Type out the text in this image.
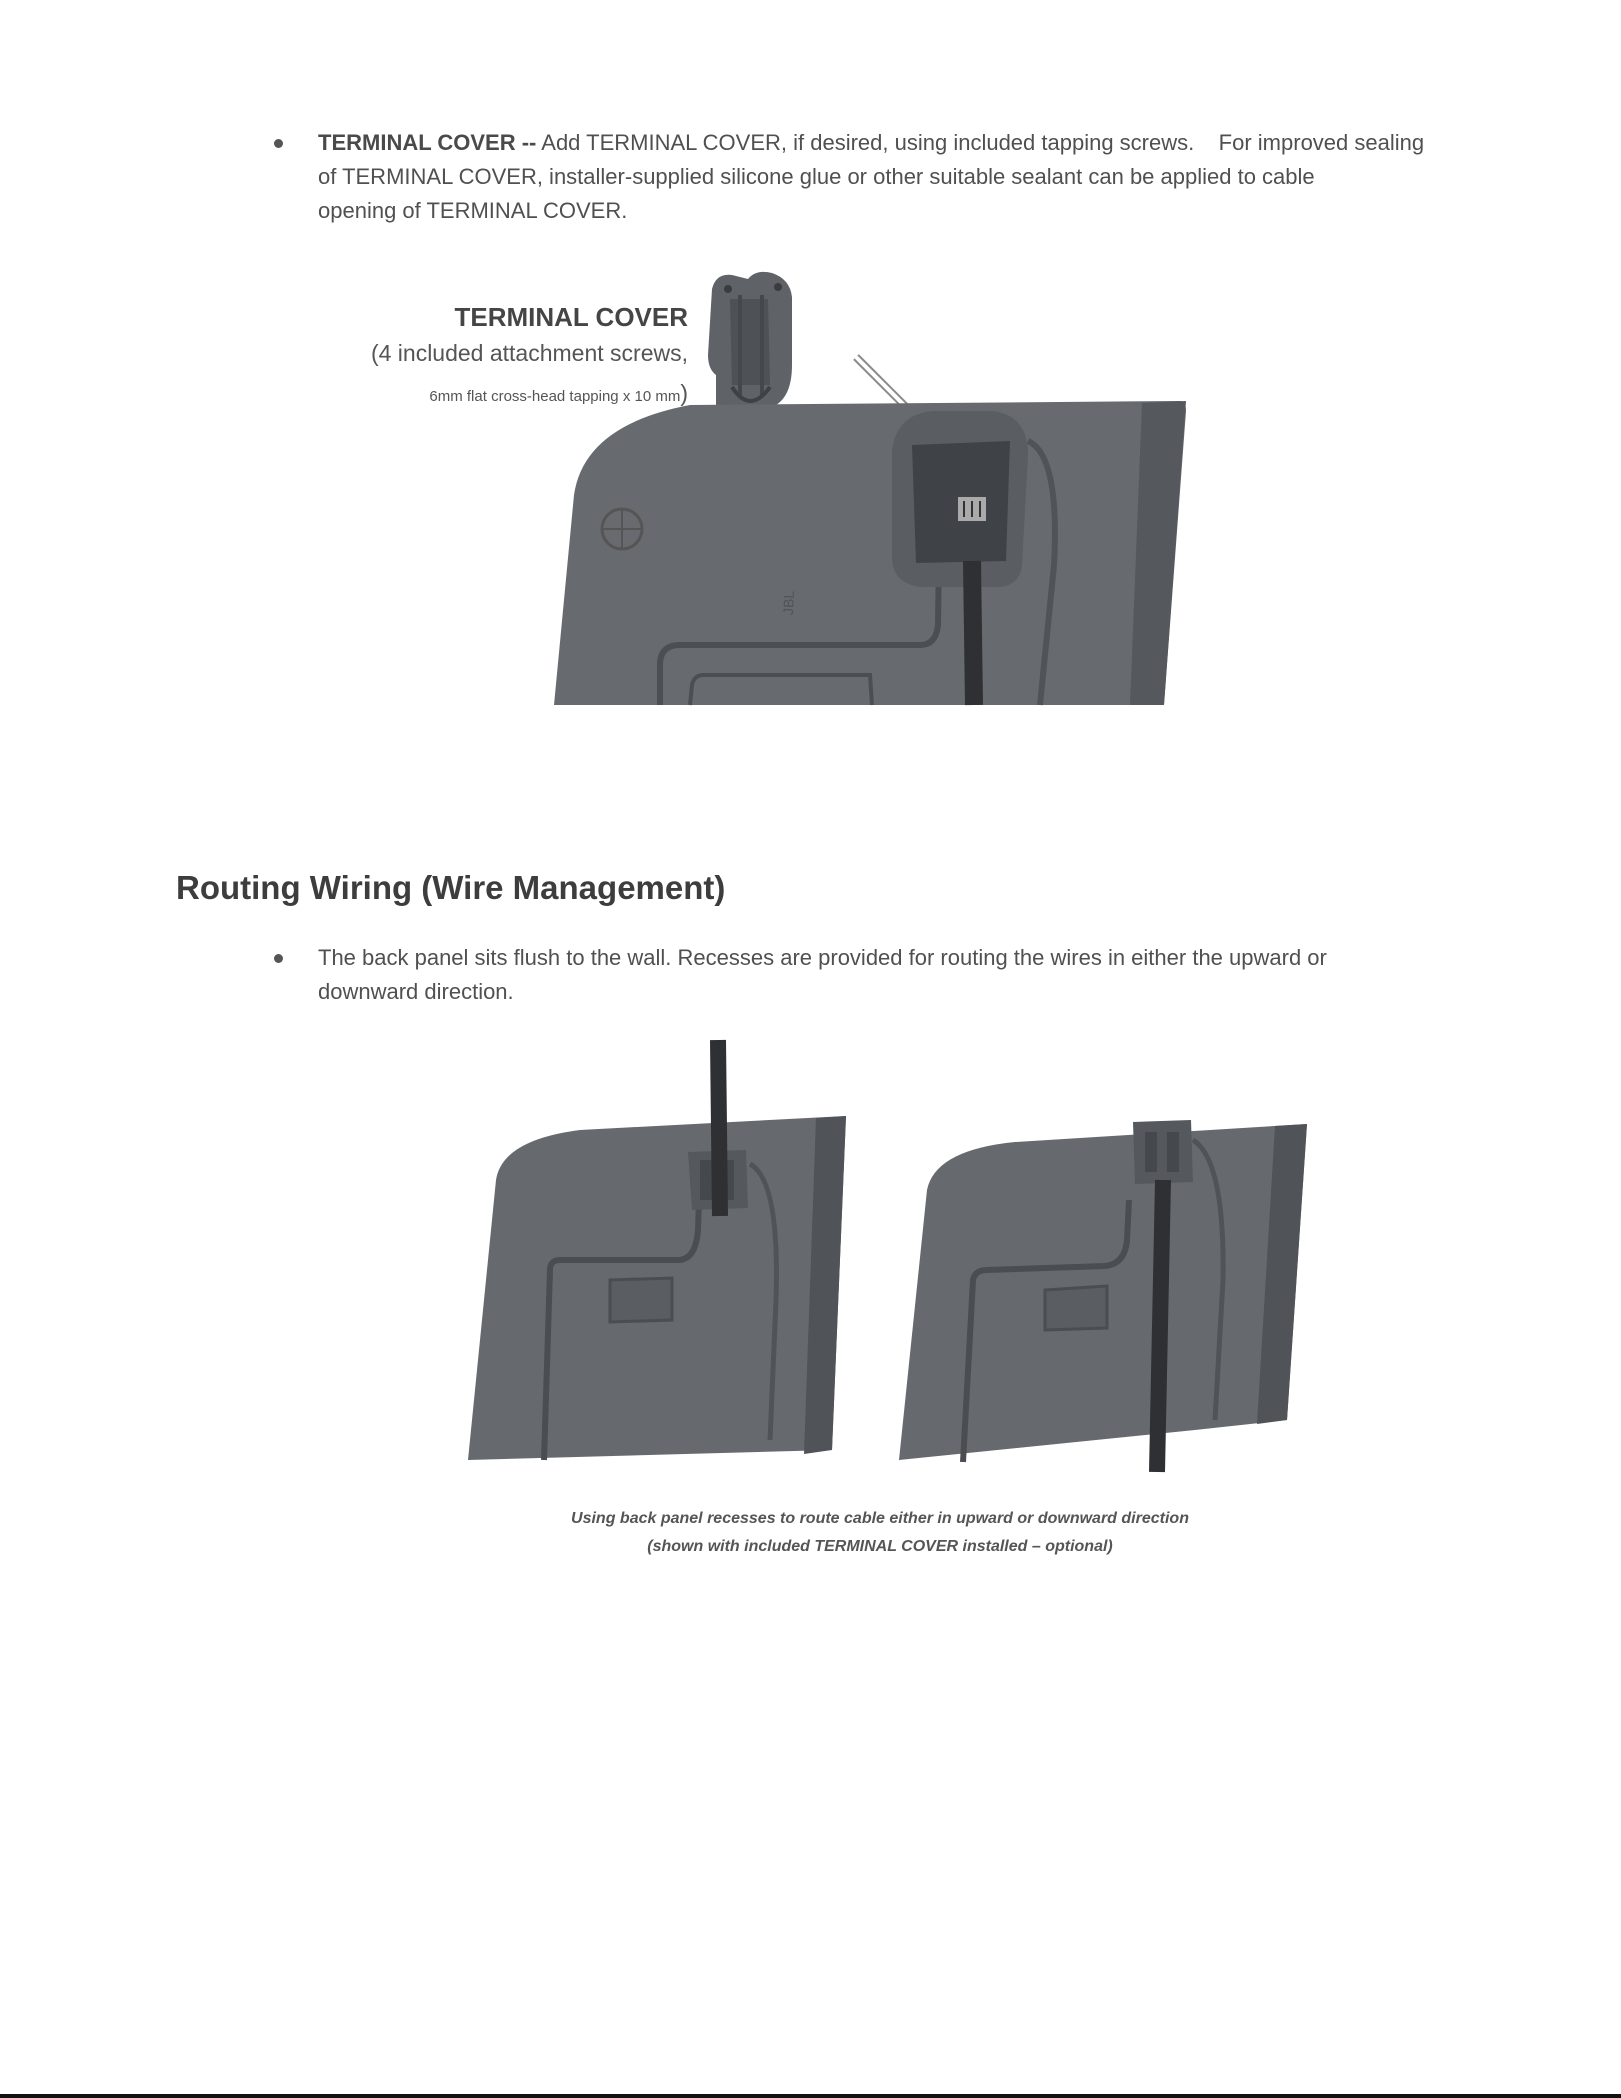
TERMINAL COVER -- Add TERMINAL COVER, if desired, using included tapping screws.    For improved sealing
of TERMINAL COVER, installer-supplied silicone glue or other suitable sealant can be applied to cable
opening of TERMINAL COVER.
TERMINAL COVER
(4 included attachment screws,
6mm flat cross-head tapping x 10 mm)
JBL
Routing Wiring (Wire Management)
The back panel sits flush to the wall. Recesses are provided for routing the wires in either the upward or
downward direction.
Using back panel recesses to route cable either in upward or downward direction
(shown with included TERMINAL COVER installed – optional)
